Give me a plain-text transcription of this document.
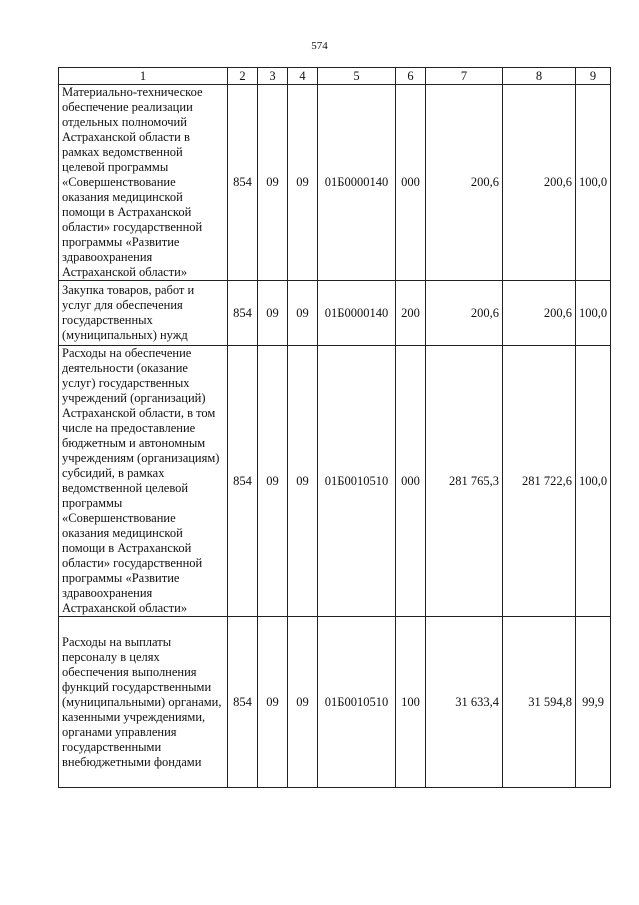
574
1	2	3	4	5	6	7	8	9
Материально-техническое обеспечение реализации отдельных полномочий Астраханской области в рамках ведомственной целевой программы «Совершенствование оказания медицинской помощи в Астраханской области» государственной программы «Развитие здравоохранения Астраханской области»	854	09	09	01Б0000140	000	200,6	200,6	100,0
Закупка товаров, работ и услуг для обеспечения государственных (муниципальных) нужд	854	09	09	01Б0000140	200	200,6	200,6	100,0
Расходы на обеспечение деятельности (оказание услуг) государственных учреждений (организаций) Астраханской области, в том числе на предоставление бюджетным и автономным учреждениям (организациям) субсидий, в рамках ведомственной целевой программы «Совершенствование оказания медицинской помощи в Астраханской области» государственной программы «Развитие здравоохранения Астраханской области»	854	09	09	01Б0010510	000	281 765,3	281 722,6	100,0
Расходы на выплаты персоналу в целях обеспечения выполнения функций государственными (муниципальными) органами, казенными учреждениями, органами управления государственными внебюджетными фондами	854	09	09	01Б0010510	100	31 633,4	31 594,8	99,9
